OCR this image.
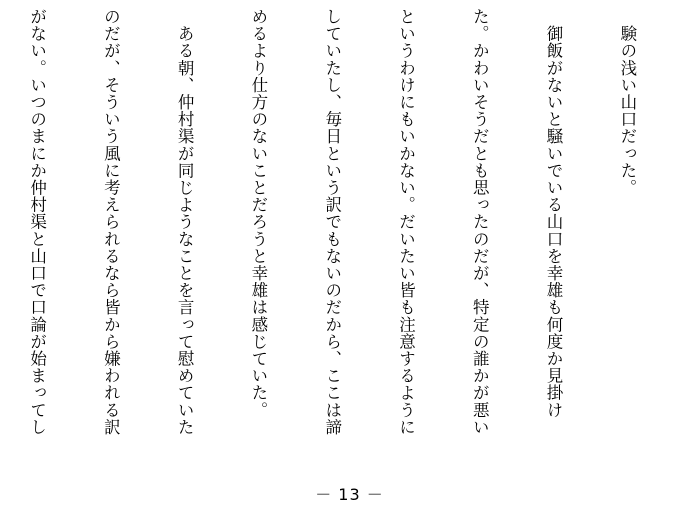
　験の浅い山口だった。

　御飯がないと騒いでいる山口を幸雄も何度か見掛け

た。かわいそうだとも思ったのだが、特定の誰かが悪い

というわけにもいかない。だいたい皆も注意するように

していたし、毎日という訳でもないのだから、ここは諦

めるより仕方のないことだろうと幸雄は感じていた。

　ある朝、仲村渠が同じようなことを言って慰めていた

のだが、そういう風に考えられるなら皆から嫌われる訳

がない。いつのまにか仲村渠と山口で口論が始まってし

－ 13 －
